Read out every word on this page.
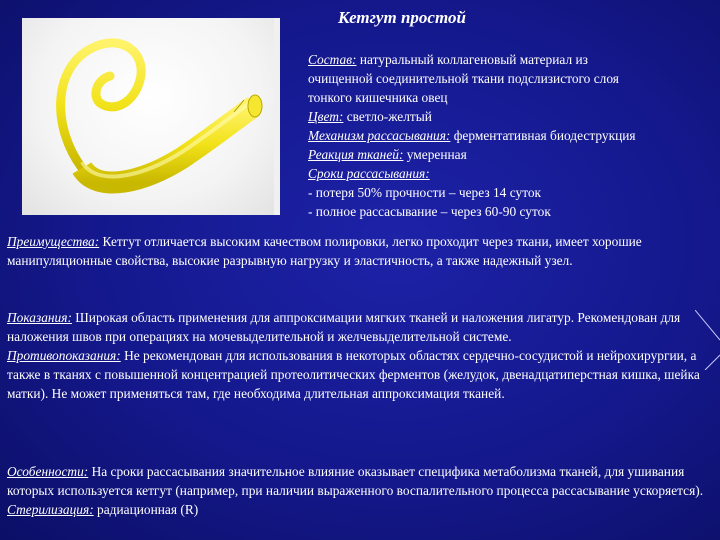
Кетгут простой

Состав: натуральный коллагеновый материал из

очищенной соединительной ткани подслизистого слоя

тонкого кишечника овец

Цвет: светло-желтый

Механизм рассасывания: ферментативная биодеструкция

Реакция тканей: умеренная

Сроки рассасывания:

- потеря 50% прочности – через 14 суток

- полное рассасывание – через 60-90 суток

Преимущества: Кетгут отличается высоким качеством полировки, легко проходит через ткани, имеет хорошие манипуляционные свойства, высокие разрывную нагрузку и эластичность, а также надежный узел.

Показания: Широкая область применения для аппроксимации мягких тканей и наложения лигатур. Рекомендован для наложения швов при операциях на мочевыделительной и желчевыделительной системе.

Противопоказания: Не рекомендован для использования в некоторых областях сердечно-сосудистой и нейрохирургии, а также в тканях с повышенной концентрацией протеолитических ферментов (желудок, двенадцатиперстная кишка, шейка матки). Не может применяться там, где необходима длительная аппроксимация тканей.

Особенности: На сроки рассасывания значительное влияние оказывает специфика метаболизма тканей, для ушивания которых используется кетгут (например, при наличии выраженного воспалительного процесса рассасывание ускоряется).

Стерилизация: радиационная (R)
